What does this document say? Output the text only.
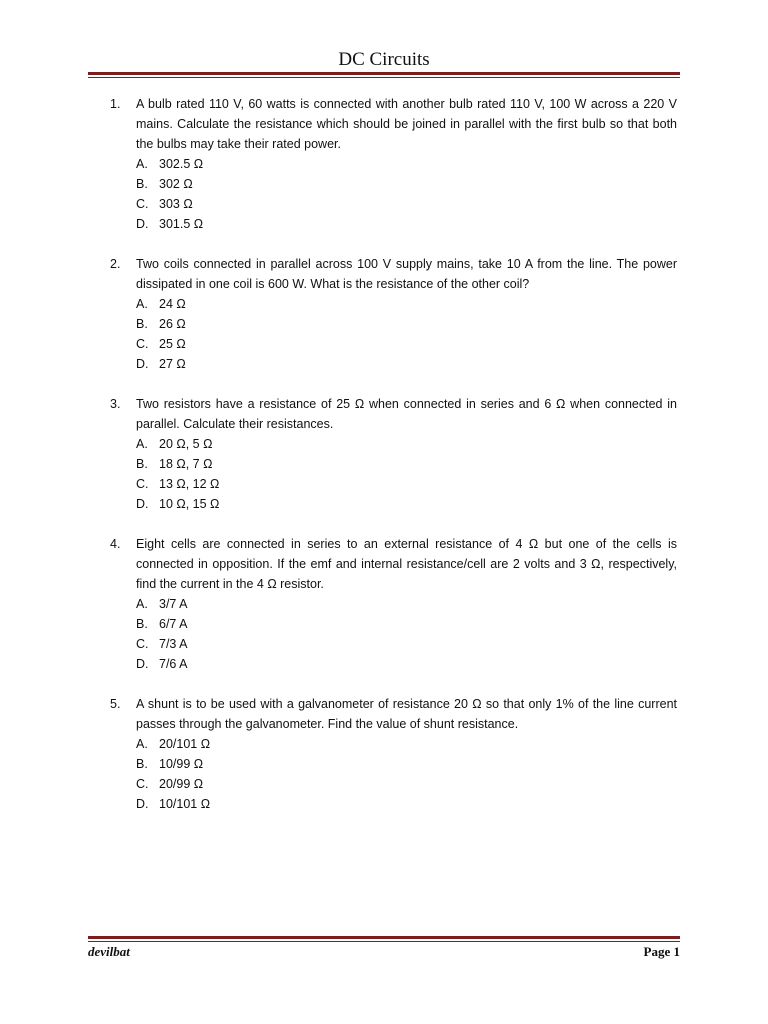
DC Circuits
1. A bulb rated 110 V, 60 watts is connected with another bulb rated 110 V, 100 W across a 220 V mains. Calculate the resistance which should be joined in parallel with the first bulb so that both the bulbs may take their rated power.
A. 302.5 Ω
B. 302 Ω
C. 303 Ω
D. 301.5 Ω
2. Two coils connected in parallel across 100 V supply mains, take 10 A from the line. The power dissipated in one coil is 600 W. What is the resistance of the other coil?
A. 24 Ω
B. 26 Ω
C. 25 Ω
D. 27 Ω
3. Two resistors have a resistance of 25 Ω when connected in series and 6 Ω when connected in parallel. Calculate their resistances.
A. 20 Ω, 5 Ω
B. 18 Ω, 7 Ω
C. 13 Ω, 12 Ω
D. 10 Ω, 15 Ω
4. Eight cells are connected in series to an external resistance of 4 Ω but one of the cells is connected in opposition. If the emf and internal resistance/cell are 2 volts and 3 Ω, respectively, find the current in the 4 Ω resistor.
A. 3/7 A
B. 6/7 A
C. 7/3 A
D. 7/6 A
5. A shunt is to be used with a galvanometer of resistance 20 Ω so that only 1% of the line current passes through the galvanometer. Find the value of shunt resistance.
A. 20/101 Ω
B. 10/99 Ω
C. 20/99 Ω
D. 10/101 Ω
devilbat	Page 1
